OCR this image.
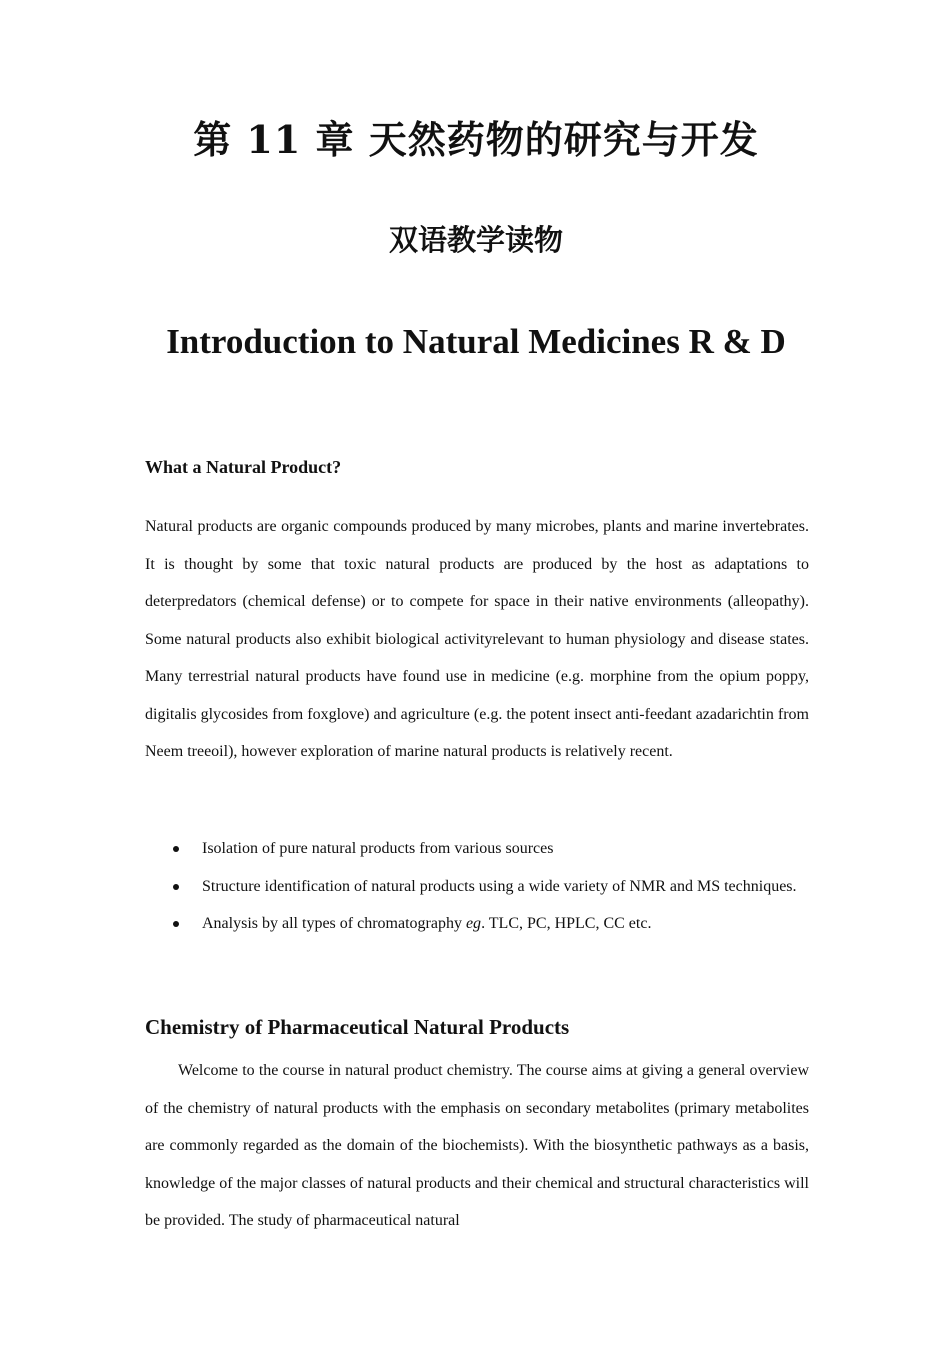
第 11 章 天然药物的研究与开发
双语教学读物
Introduction to Natural Medicines R & D
What a Natural Product?

Natural products are organic compounds produced by many microbes, plants and marine invertebrates. It is thought by some that toxic natural products are produced by the host as adaptations to deterpredators (chemical defense) or to compete for space in their native environments (alleopathy). Some natural products also exhibit biological activityrelevant to human physiology and disease states. Many terrestrial natural products have found use in medicine (e.g. morphine from the opium poppy, digitalis glycosides from foxglove) and agriculture (e.g. the potent insect anti-feedant azadarichtin from Neem treeoil), however exploration of marine natural products is relatively recent.

Isolation of pure natural products from various sources
Structure identification of natural products using a wide variety of NMR and MS techniques.
Analysis by all types of chromatography eg. TLC, PC, HPLC, CC etc.
Chemistry of Pharmaceutical Natural Products

Welcome to the course in natural product chemistry. The course aims at giving a general overview of the chemistry of natural products with the emphasis on secondary metabolites (primary metabolites are commonly regarded as the domain of the biochemists). With the biosynthetic pathways as a basis, knowledge of the major classes of natural products and their chemical and structural characteristics will be provided. The study of pharmaceutical natural
